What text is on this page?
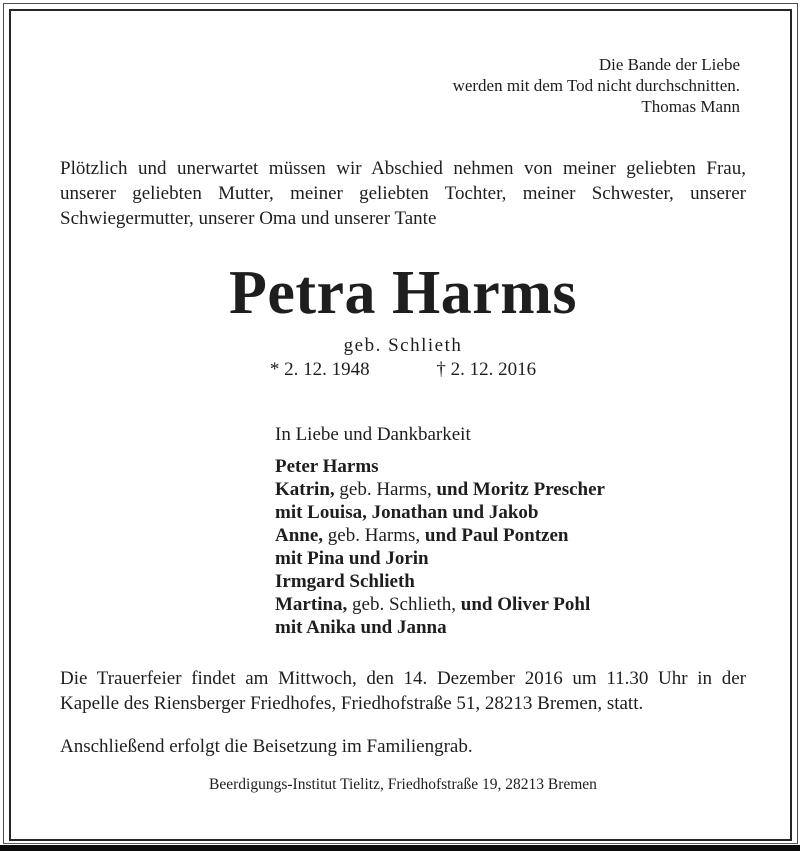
Die Bande der Liebe
werden mit dem Tod nicht durchschnitten.
Thomas Mann
Plötzlich und unerwartet müssen wir Abschied nehmen von meiner geliebten Frau,
unserer geliebten Mutter, meiner geliebten Tochter, meiner Schwester, unserer
Schwiegermutter, unserer Oma und unserer Tante
Petra Harms
geb. Schlieth
* 2. 12. 1948	† 2. 12. 2016
In Liebe und Dankbarkeit
Peter Harms
Katrin, geb. Harms, und Moritz Prescher
mit Louisa, Jonathan und Jakob
Anne, geb. Harms, und Paul Pontzen
mit Pina und Jorin
Irmgard Schlieth
Martina, geb. Schlieth, und Oliver Pohl
mit Anika und Janna
Die Trauerfeier findet am Mittwoch, den 14. Dezember 2016 um 11.30 Uhr in der
Kapelle des Riensberger Friedhofes, Friedhofstraße 51, 28213 Bremen, statt.
Anschließend erfolgt die Beisetzung im Familiengrab.
Beerdigungs-Institut Tielitz, Friedhofstraße 19, 28213 Bremen
